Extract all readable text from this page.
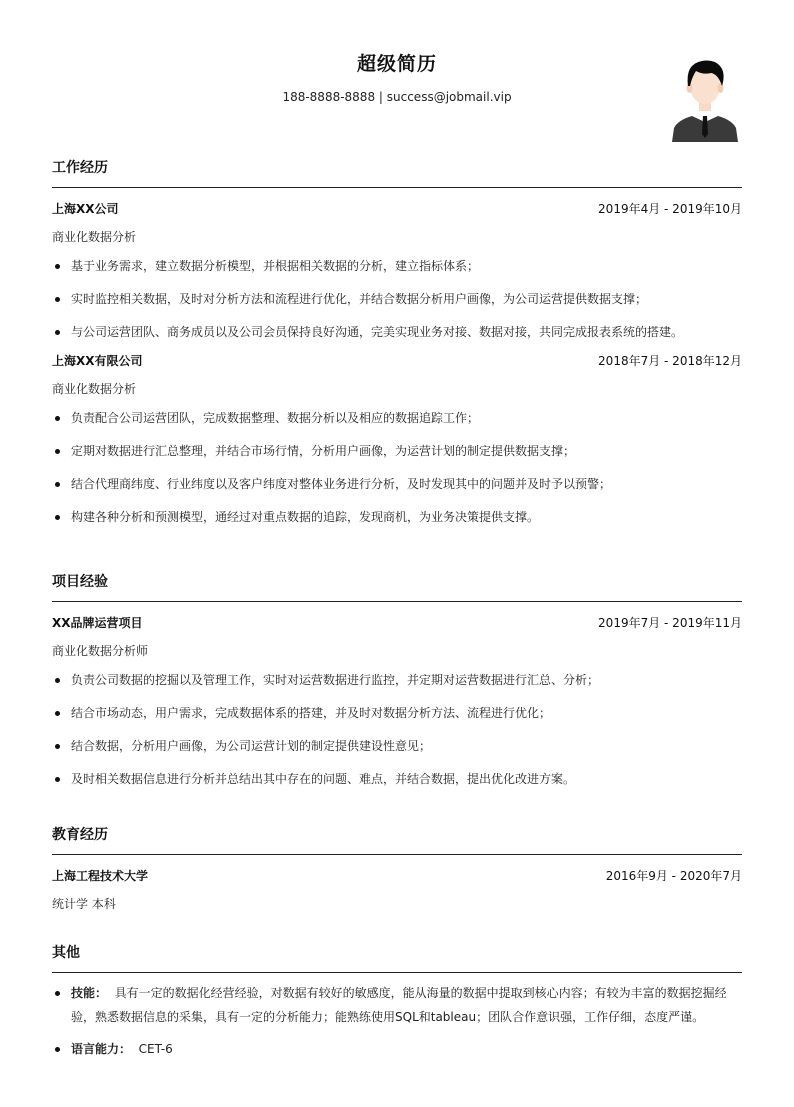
超级简历
188-8888-8888 | success@jobmail.vip
工作经历
上海XX公司	2019年4月 - 2019年10月
商业化数据分析
基于业务需求，建立数据分析模型，并根据相关数据的分析，建立指标体系；
实时监控相关数据，及时对分析方法和流程进行优化，并结合数据分析用户画像，为公司运营提供数据支撑；
与公司运营团队、商务成员以及公司会员保持良好沟通，完美实现业务对接、数据对接，共同完成报表系统的搭建。
上海XX有限公司	2018年7月 - 2018年12月
商业化数据分析
负责配合公司运营团队，完成数据整理、数据分析以及相应的数据追踪工作；
定期对数据进行汇总整理，并结合市场行情，分析用户画像，为运营计划的制定提供数据支撑；
结合代理商纬度、行业纬度以及客户纬度对整体业务进行分析，及时发现其中的问题并及时予以预警；
构建各种分析和预测模型，通经过对重点数据的追踪，发现商机，为业务决策提供支撑。
项目经验
XX品牌运营项目	2019年7月 - 2019年11月
商业化数据分析师
负责公司数据的挖掘以及管理工作，实时对运营数据进行监控，并定期对运营数据进行汇总、分析；
结合市场动态，用户需求，完成数据体系的搭建，并及时对数据分析方法、流程进行优化；
结合数据，分析用户画像，为公司运营计划的制定提供建设性意见；
及时相关数据信息进行分析并总结出其中存在的问题、难点，并结合数据，提出优化改进方案。
教育经历
上海工程技术大学	2016年9月 - 2020年7月
统计学 本科
其他
技能： 具有一定的数据化经营经验，对数据有较好的敏感度，能从海量的数据中提取到核心内容；有较为丰富的数据挖掘经验，熟悉数据信息的采集，具有一定的分析能力；能熟练使用SQL和tableau；团队合作意识强，工作仔细，态度严谨。
语言能力： CET-6
